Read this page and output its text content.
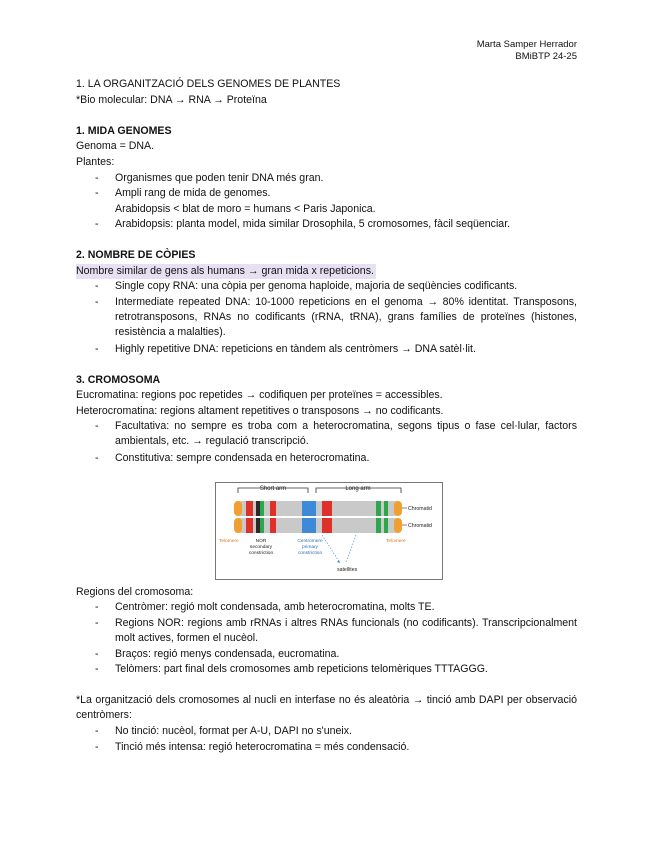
Marta Samper Herrador
BMiBTP 24-25
1. LA ORGANITZACIÓ DELS GENOMES DE PLANTES
*Bio molecular: DNA → RNA → Proteïna
1. MIDA GENOMES
Genoma = DNA.
Plantes:
- Organismes que poden tenir DNA més gran.
- Ampli rang de mida de genomes.
Arabidopsis < blat de moro = humans < Paris Japonica.
- Arabidopsis: planta model, mida similar Drosophila, 5 cromosomes, fàcil seqüenciar.
2. NOMBRE DE CÒPIES
Nombre similar de gens als humans → gran mida x repeticions.
- Single copy RNA: una còpia per genoma haploide, majoria de seqüències codificants.
- Intermediate repeated DNA: 10-1000 repeticions en el genoma → 80% identitat. Transposons, retrotransposons, RNAs no codificants (rRNA, tRNA), grans famílies de proteïnes (histones, resistència a malalties).
- Highly repetitive DNA: repeticions en tàndem als centròmers → DNA satèl·lit.
3. CROMOSOMA
Eucromatina: regions poc repetides → codifiquen per proteïnes = accessibles.
Heterocromatina: regions altament repetitives o transposons → no codificants.
- Facultativa: no sempre es troba com a heterocromatina, segons tipus o fase cel·lular, factors ambientals, etc. → regulació transcripció.
- Constitutiva: sempre condensada en heterocromatina.
Short arm	Long arm
Chromatid
Chromatid
Telomere	Telomere
NOR
secondary
constriction
Centromere
primary
constriction
satellites
Regions del cromosoma:
- Centròmer: regió molt condensada, amb heterocromatina, molts TE.
- Regions NOR: regions amb rRNAs i altres RNAs funcionals (no codificants). Transcripcionalment molt actives, formen el nucèol.
- Braços: regió menys condensada, eucromatina.
- Telòmers: part final dels cromosomes amb repeticions telomèriques TTTAGGG.
*La organització dels cromosomes al nucli en interfase no és aleatòria → tinció amb DAPI per observació centròmers:
- No tinció: nucèol, format per A-U, DAPI no s'uneix.
- Tinció més intensa: regió heterocromatina = més condensació.
